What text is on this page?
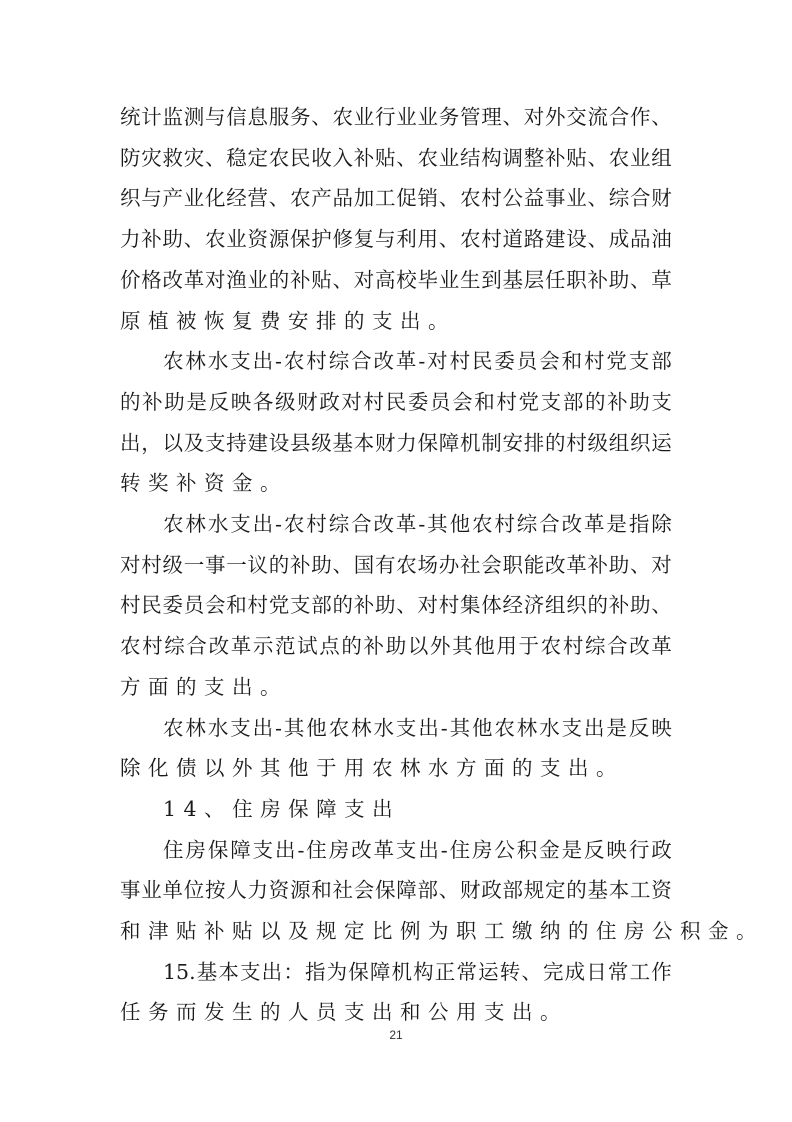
统 计 监 测 与 信 息 服 务 、 农 业 行 业 业 务 管 理 、 对 外 交 流 合 作 、
防 灾 救 灾 、 稳 定 农 民 收 入 补 贴 、 农 业 结 构 调 整 补 贴 、 农 业 组
织 与 产 业 化 经 营 、 农 产 品 加 工 促 销 、 农 村 公 益 事 业 、 综 合 财
力 补 助 、 农 业 资 源 保 护 修 复 与 利 用 、 农 村 道 路 建 设 、 成 品 油
价 格 改 革 对 渔 业 的 补 贴 、 对 高 校 毕 业 生 到 基 层 任 职 补 助 、 草
原植被恢复费安排的支出。
农 林 水 支 出 - 农 村 综 合 改 革 - 对 村 民 委 员 会 和 村 党 支 部
的 补 助 是 反 映 各 级 财 政 对 村 民 委 员 会 和 村 党 支 部 的 补 助 支
出 ， 以 及 支 持 建 设 县 级 基 本 财 力 保 障 机 制 安 排 的 村 级 组 织 运
转奖补资金。
农 林 水 支 出 - 农 村 综 合 改 革 - 其 他 农 村 综 合 改 革 是 指 除
对 村 级 一 事 一 议 的 补 助 、 国 有 农 场 办 社 会 职 能 改 革 补 助 、 对
村 民 委 员 会 和 村 党 支 部 的 补 助 、 对 村 集 体 经 济 组 织 的 补 助 、
农 村 综 合 改 革 示 范 试 点 的 补 助 以 外 其 他 用 于 农 村 综 合 改 革
方面的支出。
农 林 水 支 出 - 其 他 农 林 水 支 出 - 其 他 农 林 水 支 出 是 反 映
除化债以外其他于用农林水方面的支出。
14、住房保障支出
住 房 保 障 支 出 - 住 房 改 革 支 出 - 住 房 公 积 金 是 反 映 行 政
事 业 单 位 按 人 力 资 源 和 社 会 保 障 部 、 财 政 部 规 定 的 基 本 工 资
和津贴补贴以及规定比例为职工缴纳的住房公积金。
15. 基 本 支 出 ： 指 为 保 障 机 构 正 常 运 转 、 完 成 日 常 工 作
任务而发生的人员支出和公用支出。
21
